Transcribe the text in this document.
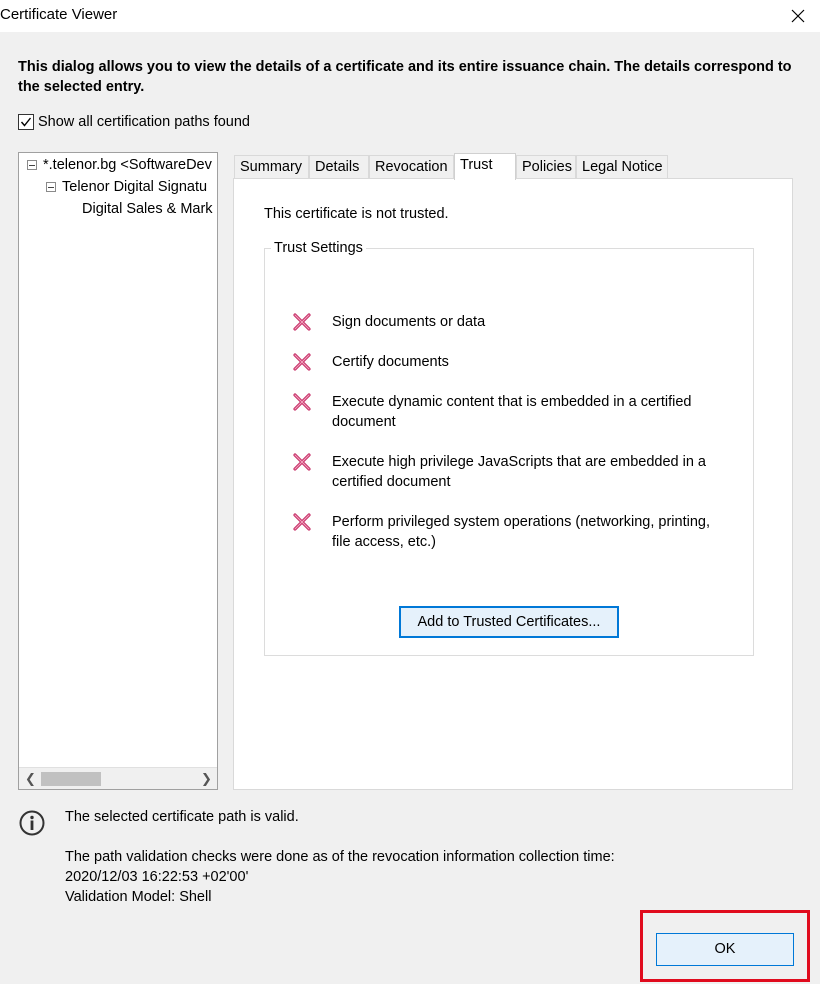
Certificate Viewer
This dialog allows you to view the details of a certificate and its entire issuance chain. The details correspond to the selected entry.
Show all certification paths found
*.telenor.bg <SoftwareDev
Telenor Digital Signatu
Digital Sales & Mark
❮	❯
Summary Details	Revocation Trust	Policies Legal Notice
This certificate is not trusted.
Trust Settings
Sign documents or data
Certify documents
Execute dynamic content that is embedded in a certified document
Execute high privilege JavaScripts that are embedded in a certified document
Perform privileged system operations (networking, printing, file access, etc.)
Add to Trusted Certificates...
The selected certificate path is valid.
The path validation checks were done as of the revocation information collection time:
2020/12/03 16:22:53 +02'00'
Validation Model: Shell
OK
